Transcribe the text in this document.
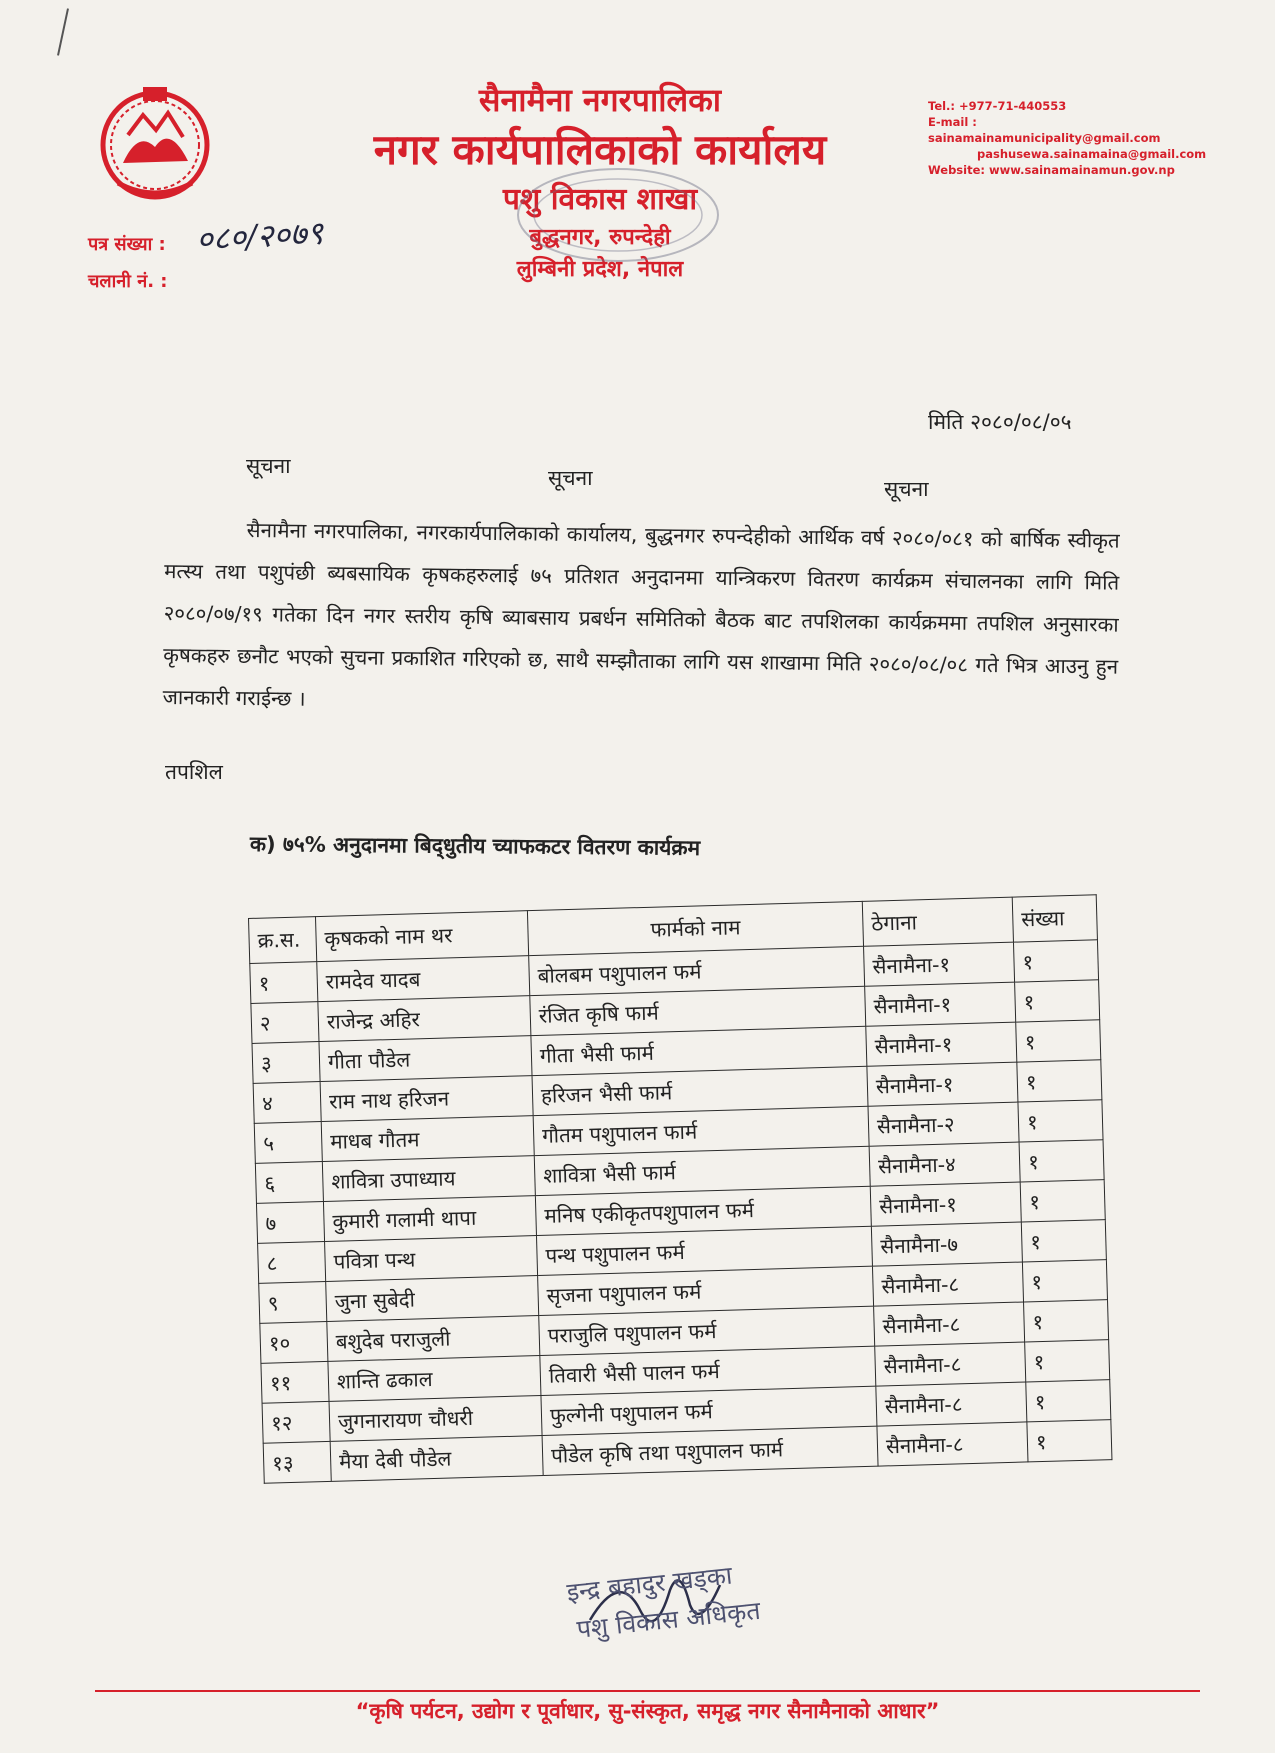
सैनामैना नगरपालिका
नगर कार्यपालिकाको कार्यालय
पशु विकास शाखा
बुद्धनगर, रुपन्देही
लुम्बिनी प्रदेश, नेपाल
Tel.: +977-71-440553
E-mail : sainamainamunicipality@gmail.com
pashusewa.sainamaina@gmail.com
Website: www.sainamainamun.gov.np
पत्र संख्या :
चलानी नं. :
०८०/२०७९
मिति २०८०/०८/०५
सूचना	सूचना	सूचना
सैनामैना नगरपालिका, नगरकार्यपालिकाको कार्यालय, बुद्धनगर रुपन्देहीको आर्थिक वर्ष २०८०/०८१ को बार्षिक स्वीकृत मत्स्य तथा पशुपंछी ब्यबसायिक कृषकहरुलाई ७५ प्रतिशत अनुदानमा यान्त्रिकरण वितरण कार्यक्रम संचालनका लागि मिति २०८०/०७/१९ गतेका दिन नगर स्तरीय कृषि ब्याबसाय प्रबर्धन समितिको बैठक बाट तपशिलका कार्यक्रममा तपशिल अनुसारका कृषकहरु छनौट भएको सुचना प्रकाशित गरिएको छ, साथै सम्झौताका लागि यस शाखामा मिति २०८०/०८/०८ गते भित्र आउनु हुन जानकारी गराईन्छ ।
तपशिल
क) ७५% अनुदानमा बिद्‌धुतीय च्याफकटर वितरण कार्यक्रम
क्र.स.	कृषकको नाम थर	फार्मको नाम	ठेगाना	संख्या
१	रामदेव यादब	बोलबम पशुपालन फर्म	सैनामैना-१	१
२	राजेन्द्र अहिर	रंजित कृषि फार्म	सैनामैना-१	१
३	गीता पौडेल	गीता भैसी फार्म	सैनामैना-१	१
४	राम नाथ हरिजन	हरिजन भैसी फार्म	सैनामैना-१	१
५	माधब गौतम	गौतम पशुपालन फार्म	सैनामैना-२	१
६	शावित्रा उपाध्याय	शावित्रा भैसी फार्म	सैनामैना-४	१
७	कुमारी गलामी थापा	मनिष एकीकृतपशुपालन फर्म	सैनामैना-१	१
८	पवित्रा पन्थ	पन्थ पशुपालन फर्म	सैनामैना-७	१
९	जुना सुबेदी	सृजना पशुपालन फर्म	सैनामैना-८	१
१०	बशुदेब पराजुली	पराजुलि पशुपालन फर्म	सैनामैना-८	१
११	शान्ति ढकाल	तिवारी भैसी पालन फर्म	सैनामैना-८	१
१२	जुगनारायण चौधरी	फुल्गेनी पशुपालन फर्म	सैनामैना-८	१
१३	मैया देबी पौडेल	पौडेल कृषि तथा पशुपालन फार्म	सैनामैना-८	१
इन्द्र बहादुर खड्का
पशु विकास अधिकृत
“कृषि पर्यटन, उद्योग र पूर्वाधार, सु-संस्कृत, समृद्ध नगर सैनामैनाको आधार”
